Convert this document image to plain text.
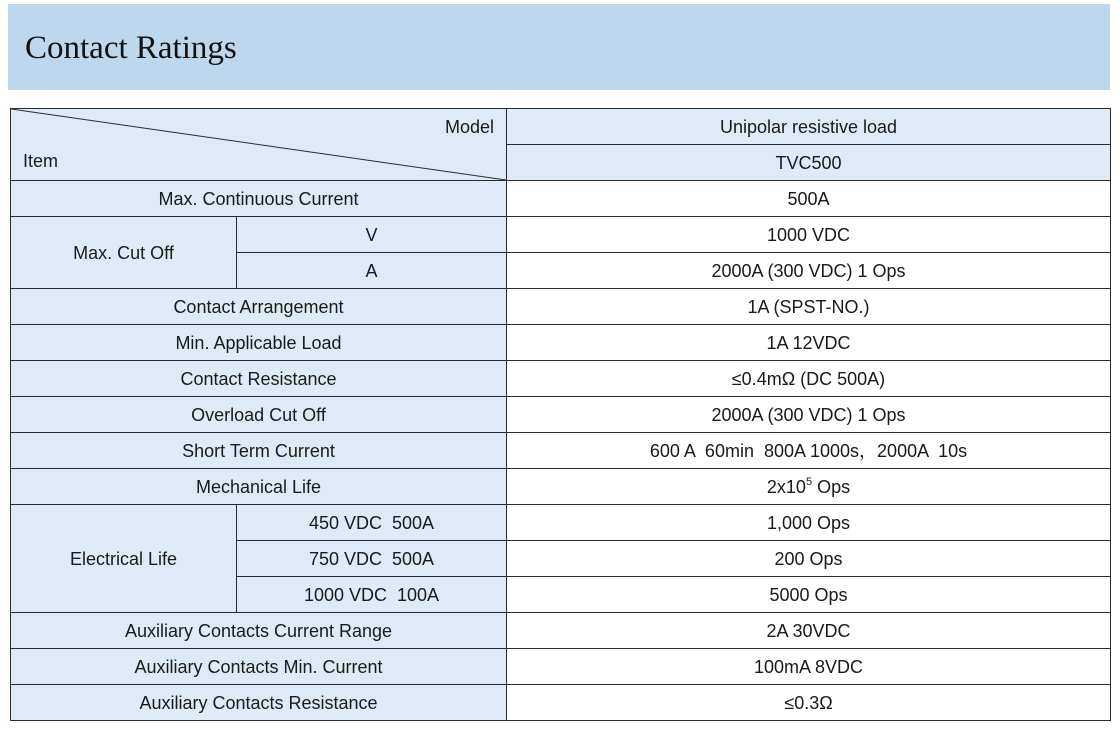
Contact Ratings
Model
Item		Unipolar resistive load
		TVC500
Max. Continuous Current		500A
Max. Cut Off	V	1000 VDC
	A	2000A (300 VDC) 1 Ops
Contact Arrangement		1A (SPST-NO.)
Min. Applicable Load		1A 12VDC
Contact Resistance		≤0.4mΩ (DC 500A)
Overload Cut Off		2000A (300 VDC) 1 Ops
Short Term Current		600 A  60min  800A 1000s，2000A  10s
Mechanical Life		$2x10^5$ Ops
Electrical Life	450 VDC  500A	1,000 Ops
	750 VDC  500A	200 Ops
	1000 VDC  100A	5000 Ops
Auxiliary Contacts Current Range		2A 30VDC
Auxiliary Contacts Min. Current		100mA 8VDC
Auxiliary Contacts Resistance		≤0.3Ω
